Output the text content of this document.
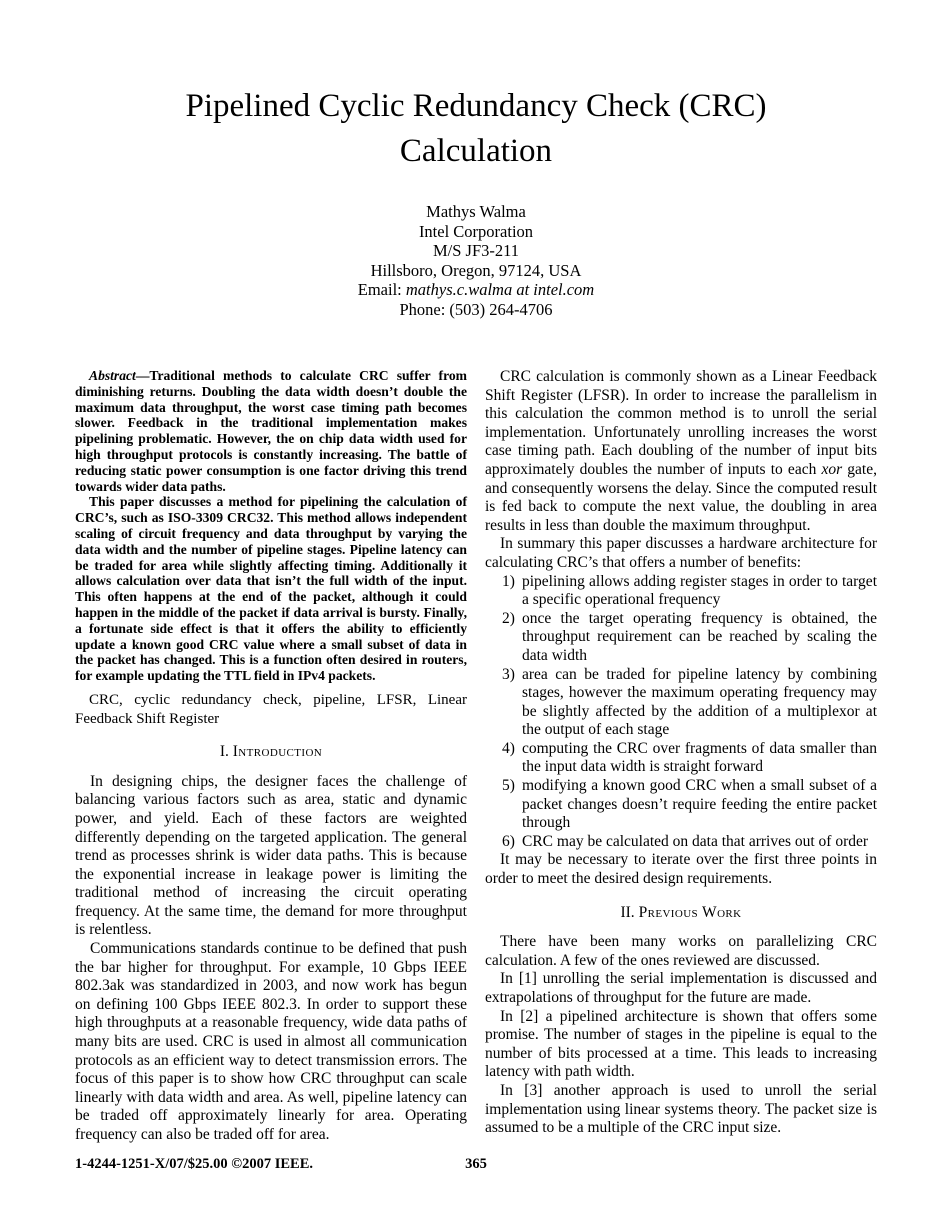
Pipelined Cyclic Redundancy Check (CRC)
Calculation
Mathys Walma
Intel Corporation
M/S JF3-211
Hillsboro, Oregon, 97124, USA
Email: mathys.c.walma at intel.com
Phone: (503) 264-4706

Abstract—Traditional methods to calculate CRC suffer from diminishing returns. Doubling the data width doesn’t double the maximum data throughput, the worst case timing path becomes slower. Feedback in the traditional implementation makes pipelining problematic. However, the on chip data width used for high throughput protocols is constantly increasing. The battle of reducing static power consumption is one factor driving this trend towards wider data paths.

This paper discusses a method for pipelining the calculation of CRC’s, such as ISO-3309 CRC32. This method allows independent scaling of circuit frequency and data throughput by varying the data width and the number of pipeline stages. Pipeline latency can be traded for area while slightly affecting timing. Additionally it allows calculation over data that isn’t the full width of the input. This often happens at the end of the packet, although it could happen in the middle of the packet if data arrival is bursty. Finally, a fortunate side effect is that it offers the ability to efficiently update a known good CRC value where a small subset of data in the packet has changed. This is a function often desired in routers, for example updating the TTL field in IPv4 packets.

CRC, cyclic redundancy check, pipeline, LFSR, Linear Feedback Shift Register

I. Introduction

In designing chips, the designer faces the challenge of balancing various factors such as area, static and dynamic power, and yield. Each of these factors are weighted differently depending on the targeted application. The general trend as processes shrink is wider data paths. This is because the exponential increase in leakage power is limiting the traditional method of increasing the circuit operating frequency. At the same time, the demand for more throughput is relentless.

Communications standards continue to be defined that push the bar higher for throughput. For example, 10 Gbps IEEE 802.3ak was standardized in 2003, and now work has begun on defining 100 Gbps IEEE 802.3. In order to support these high throughputs at a reasonable frequency, wide data paths of many bits are used. CRC is used in almost all communication protocols as an efficient way to detect transmission errors. The focus of this paper is to show how CRC throughput can scale linearly with data width and area. As well, pipeline latency can be traded off approximately linearly for area. Operating frequency can also be traded off for area.

CRC calculation is commonly shown as a Linear Feedback Shift Register (LFSR). In order to increase the parallelism in this calculation the common method is to unroll the serial implementation. Unfortunately unrolling increases the worst case timing path. Each doubling of the number of input bits approximately doubles the number of inputs to each xor gate, and consequently worsens the delay. Since the computed result is fed back to compute the next value, the doubling in area results in less than double the maximum throughput.

In summary this paper discusses a hardware architecture for calculating CRC’s that offers a number of benefits:

1) pipelining allows adding register stages in order to target a specific operational frequency
2) once the target operating frequency is obtained, the throughput requirement can be reached by scaling the data width
3) area can be traded for pipeline latency by combining stages, however the maximum operating frequency may be slightly affected by the addition of a multiplexor at the output of each stage
4) computing the CRC over fragments of data smaller than the input data width is straight forward
5) modifying a known good CRC when a small subset of a packet changes doesn’t require feeding the entire packet through
6) CRC may be calculated on data that arrives out of order

It may be necessary to iterate over the first three points in order to meet the desired design requirements.

II. Previous Work

There have been many works on parallelizing CRC calculation. A few of the ones reviewed are discussed.

In [1] unrolling the serial implementation is discussed and extrapolations of throughput for the future are made.

In [2] a pipelined architecture is shown that offers some promise. The number of stages in the pipeline is equal to the number of bits processed at a time. This leads to increasing latency with path width.

In [3] another approach is used to unroll the serial implementation using linear systems theory. The packet size is assumed to be a multiple of the CRC input size.

1-4244-1251-X/07/$25.00 ©2007 IEEE.	365
